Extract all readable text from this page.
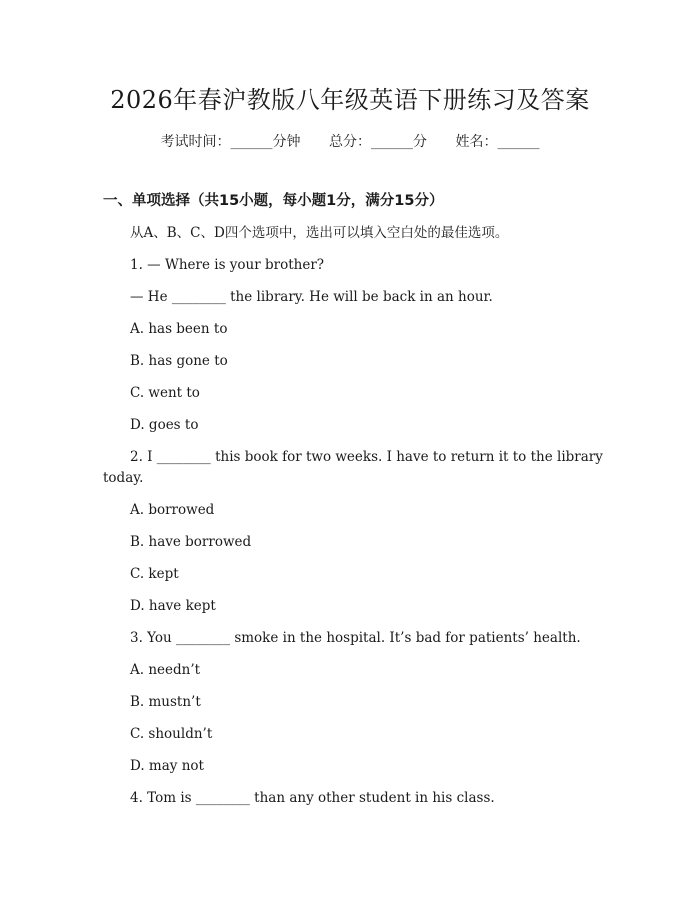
2026年春沪教版八年级英语下册练习及答案
考试时间：______分钟 总分：______分 姓名：______

一、单项选择（共15小题，每小题1分，满分15分）

从A、B、C、D四个选项中，选出可以填入空白处的最佳选项。

1. — Where is your brother?

— He ________ the library. He will be back in an hour.

A. has been to

B. has gone to

C. went to

D. goes to

2. I ________ this book for two weeks. I have to return it to the library today.

A. borrowed

B. have borrowed

C. kept

D. have kept

3. You ________ smoke in the hospital. It’s bad for patients’ health.

A. needn’t

B. mustn’t

C. shouldn’t

D. may not

4. Tom is ________ than any other student in his class.
